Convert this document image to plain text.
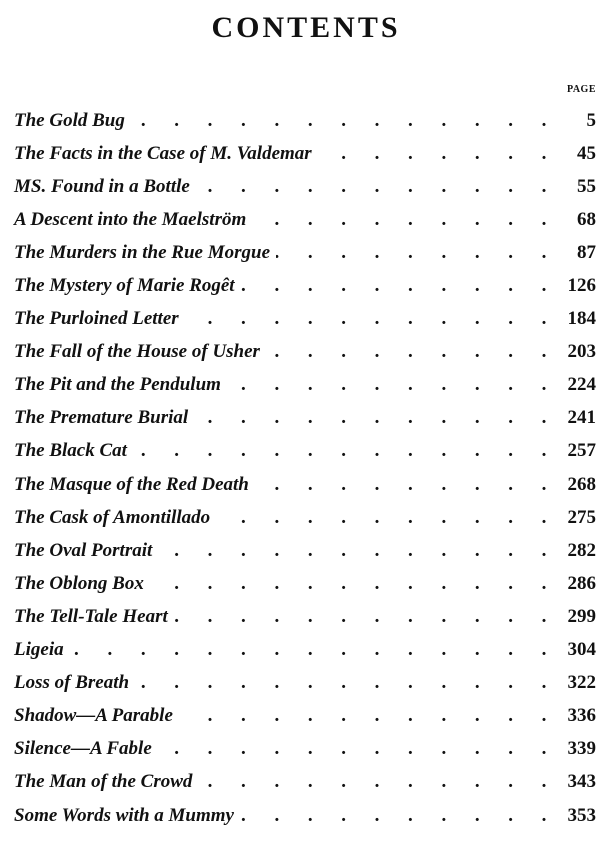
CONTENTS
PAGE
The Gold Bug . .	5
The Facts in the Case of M. Valdemar . .	45
MS. Found in a Bottle . .	55
A Descent into the Maelström . .	68
The Murders in the Rue Morgue . .	87
The Mystery of Marie Rogêt . .	126
The Purloined Letter . .	184
The Fall of the House of Usher . .	203
The Pit and the Pendulum . .	224
The Premature Burial . .	241
The Black Cat . .	257
The Masque of the Red Death . .	268
The Cask of Amontillado . .	275
The Oval Portrait . .	282
The Oblong Box . .	286
The Tell-Tale Heart . .	299
Ligeia . .	304
Loss of Breath . .	322
Shadow—A Parable . .	336
Silence—A Fable . .	339
The Man of the Crowd . .	343
Some Words with a Mummy . .	353
